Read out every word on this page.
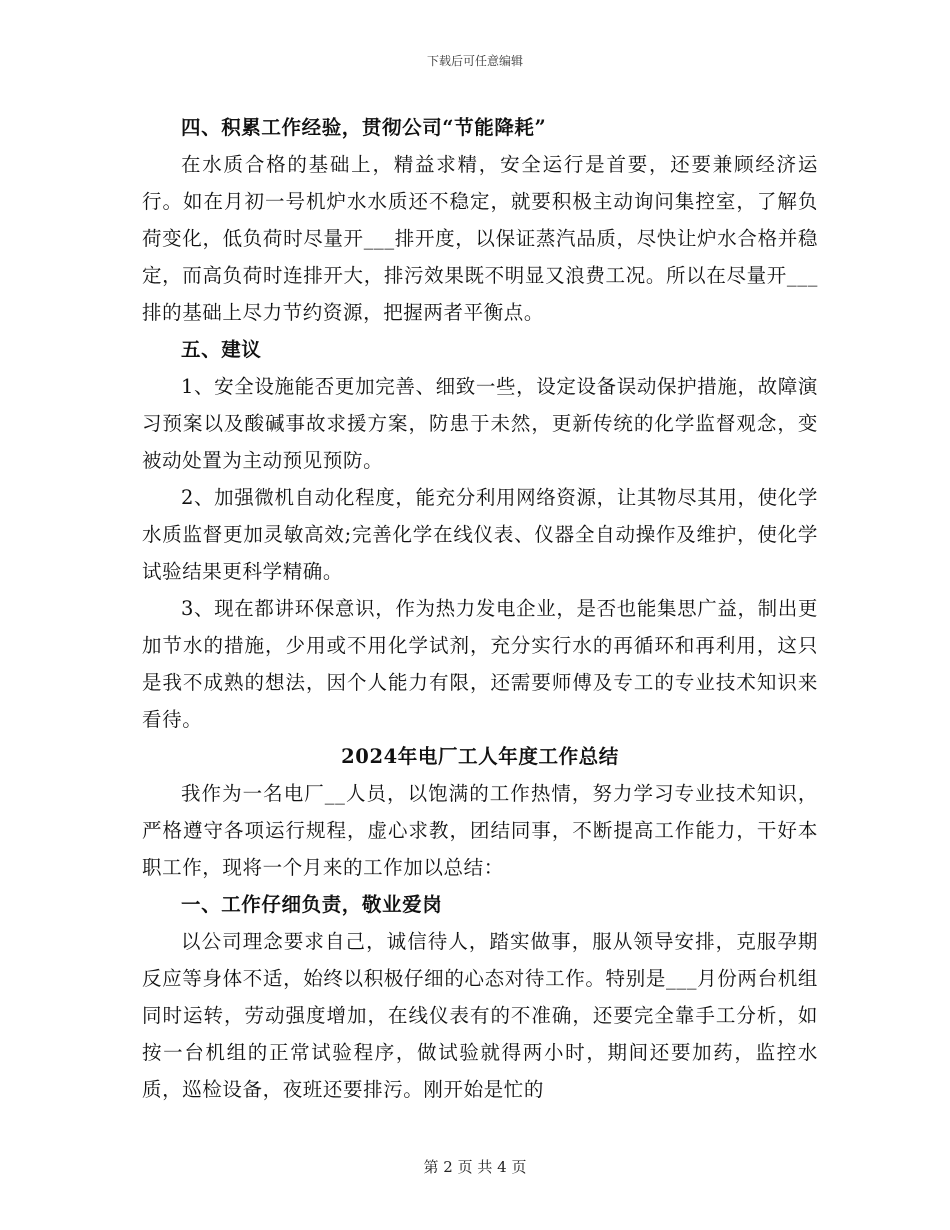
下载后可任意编辑

四、积累工作经验，贯彻公司“节能降耗”

在水质合格的基础上，精益求精，安全运行是首要，还要兼顾经济运行。如在月初一号机炉水水质还不稳定，就要积极主动询问集控室，了解负荷变化，低负荷时尽量开___排开度，以保证蒸汽品质，尽快让炉水合格并稳定，而高负荷时连排开大，排污效果既不明显又浪费工况。所以在尽量开___排的基础上尽力节约资源，把握两者平衡点。

五、建议

1、安全设施能否更加完善、细致一些，设定设备误动保护措施，故障演习预案以及酸碱事故求援方案，防患于未然，更新传统的化学监督观念，变被动处置为主动预见预防。

2、加强微机自动化程度，能充分利用网络资源，让其物尽其用，使化学水质监督更加灵敏高效;完善化学在线仪表、仪器全自动操作及维护，使化学试验结果更科学精确。

3、现在都讲环保意识，作为热力发电企业，是否也能集思广益，制出更加节水的措施，少用或不用化学试剂，充分实行水的再循环和再利用，这只是我不成熟的想法，因个人能力有限，还需要师傅及专工的专业技术知识来看待。

2024年电厂工人年度工作总结

我作为一名电厂__人员，以饱满的工作热情，努力学习专业技术知识，严格遵守各项运行规程，虚心求教，团结同事，不断提高工作能力，干好本职工作，现将一个月来的工作加以总结：

一、工作仔细负责，敬业爱岗

以公司理念要求自己，诚信待人，踏实做事，服从领导安排，克服孕期反应等身体不适，始终以积极仔细的心态对待工作。特别是___月份两台机组同时运转，劳动强度增加，在线仪表有的不准确，还要完全靠手工分析，如按一台机组的正常试验程序，做试验就得两小时，期间还要加药，监控水质，巡检设备，夜班还要排污。刚开始是忙的

第 2 页 共 4 页
